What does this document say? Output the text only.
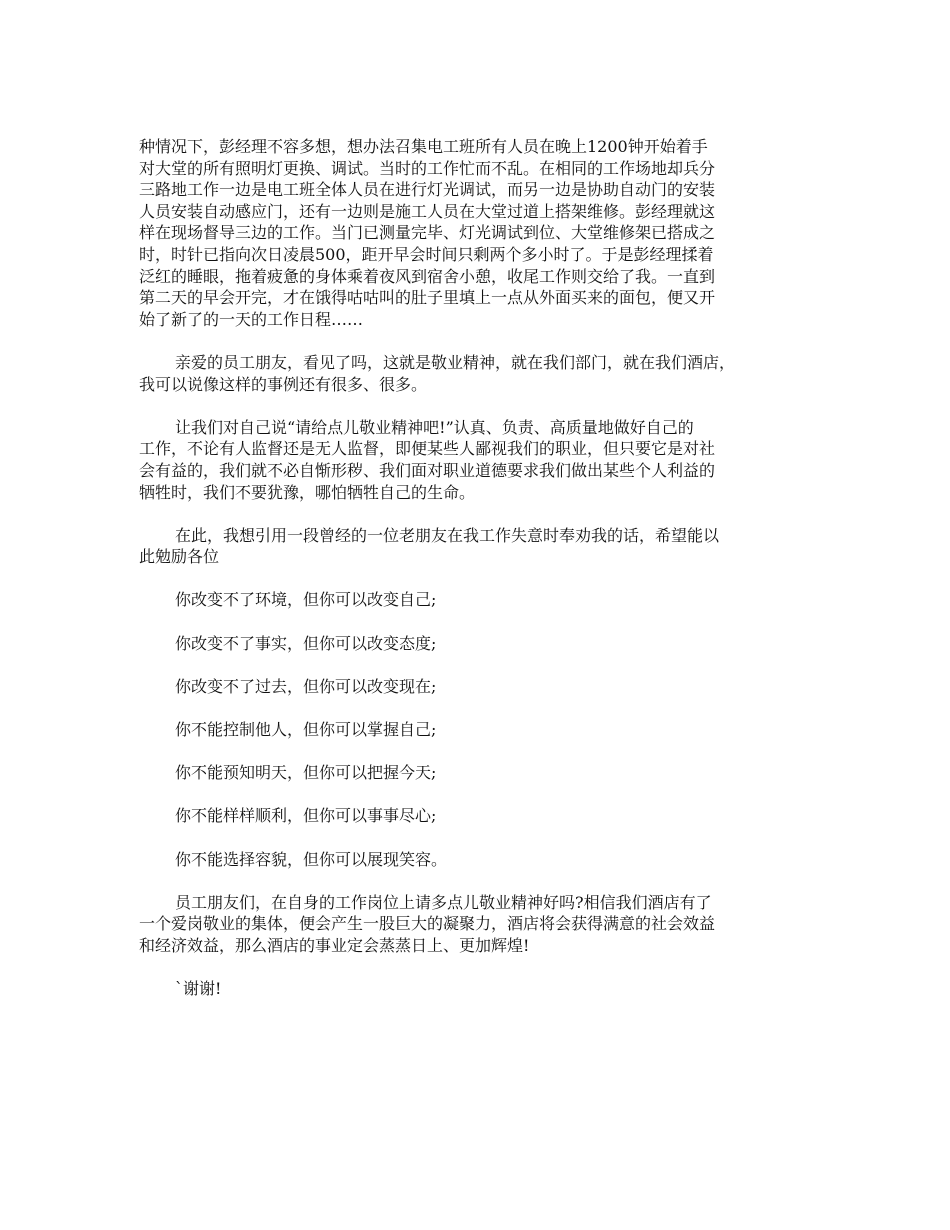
种情况下，彭经理不容多想，想办法召集电工班所有人员在晚上1200钟开始着手
对大堂的所有照明灯更换、调试。当时的工作忙而不乱。在相同的工作场地却兵分
三路地工作一边是电工班全体人员在进行灯光调试，而另一边是协助自动门的安装
人员安装自动感应门，还有一边则是施工人员在大堂过道上搭架维修。彭经理就这
样在现场督导三边的工作。当门已测量完毕、灯光调试到位、大堂维修架已搭成之
时，时针已指向次日凌晨500，距开早会时间只剩两个多小时了。于是彭经理揉着
泛红的睡眼，拖着疲惫的身体乘着夜风到宿舍小憩，收尾工作则交给了我。一直到
第二天的早会开完，才在饿得咕咕叫的肚子里填上一点从外面买来的面包，便又开
始了新了的一天的工作日程……

亲爱的员工朋友，看见了吗，这就是敬业精神，就在我们部门，就在我们酒店，
我可以说像这样的事例还有很多、很多。

让我们对自己说“请给点儿敬业精神吧!”认真、负责、高质量地做好自己的
工作，不论有人监督还是无人监督，即便某些人鄙视我们的职业，但只要它是对社
会有益的，我们就不必自惭形秽、我们面对职业道德要求我们做出某些个人利益的
牺牲时，我们不要犹豫，哪怕牺牲自己的生命。

在此，我想引用一段曾经的一位老朋友在我工作失意时奉劝我的话，希望能以
此勉励各位

你改变不了环境，但你可以改变自己;

你改变不了事实，但你可以改变态度;

你改变不了过去，但你可以改变现在;

你不能控制他人，但你可以掌握自己;

你不能预知明天，但你可以把握今天;

你不能样样顺利，但你可以事事尽心;

你不能选择容貌，但你可以展现笑容。

员工朋友们，在自身的工作岗位上请多点儿敬业精神好吗?相信我们酒店有了
一个爱岗敬业的集体，便会产生一股巨大的凝聚力，酒店将会获得满意的社会效益
和经济效益，那么酒店的事业定会蒸蒸日上、更加辉煌!

`谢谢!
